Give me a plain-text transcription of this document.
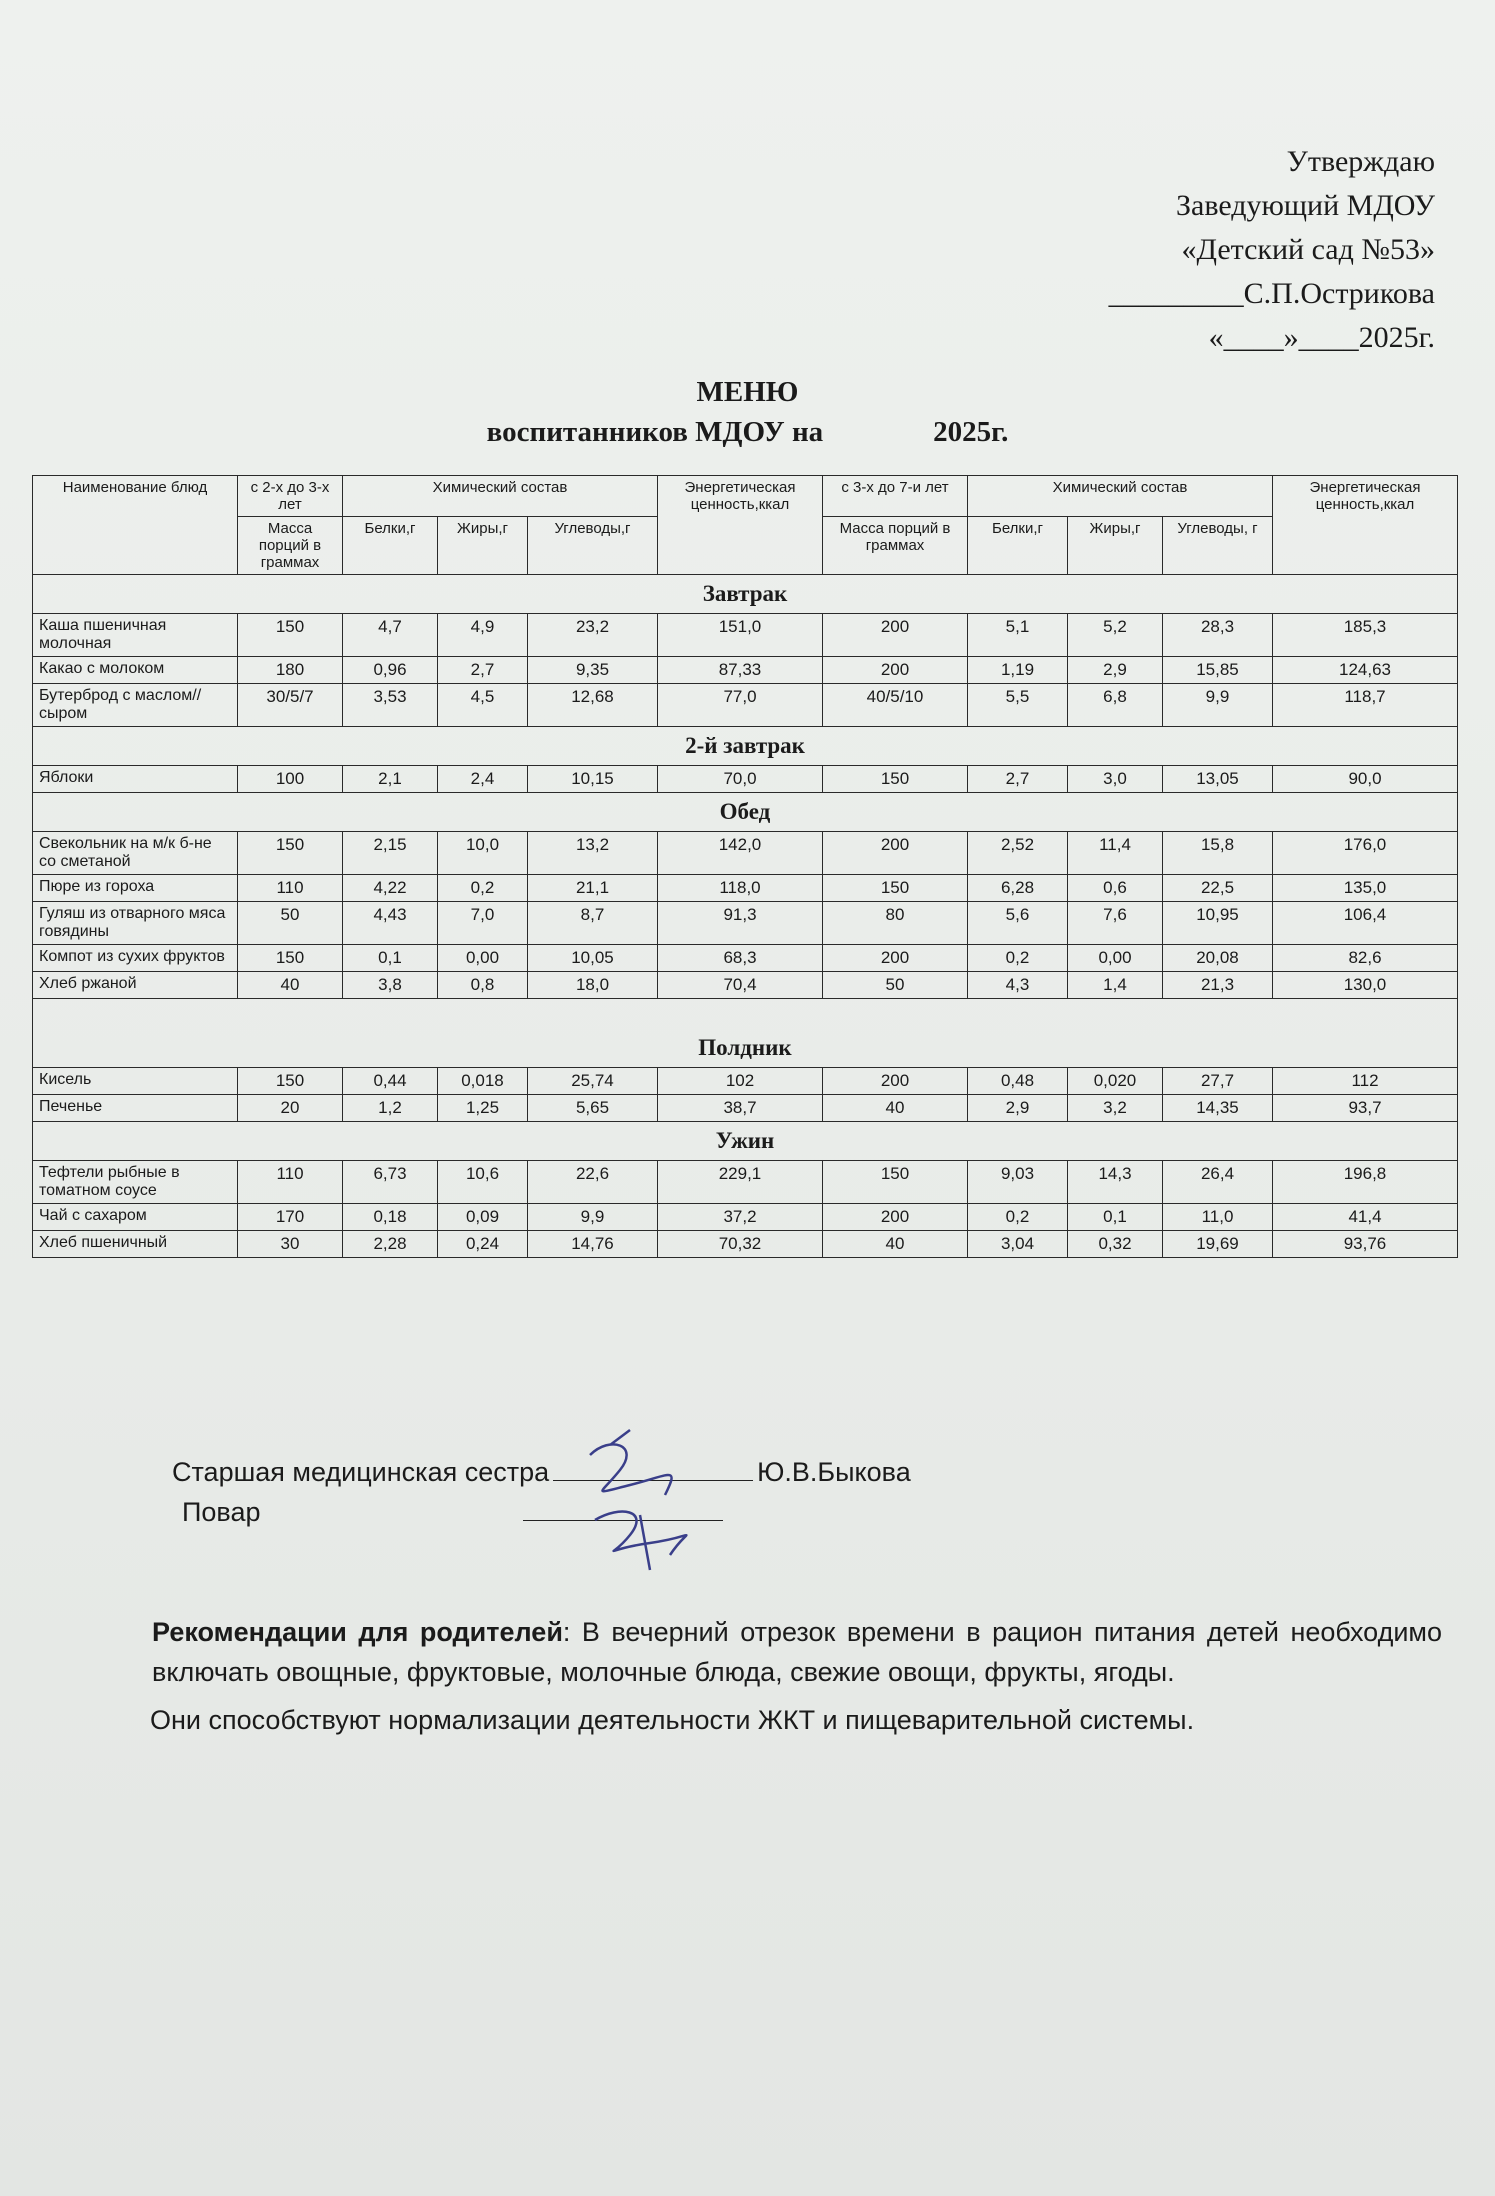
Утверждаю
Заведующий МДОУ
«Детский сад №53»
_________С.П.Острикова
«____»____2025г.
МЕНЮ
воспитанников МДОУ на	2025г.
Наименование блюд	с 2-х до 3-х лет	Химический состав			Энергетическая ценность,ккал	с 3-х до 7-и лет	Химический состав			Энергетическая ценность,ккал
	Масса порций в граммах	Белки,г	Жиры,г	Углеводы,г		Масса порций в граммах	Белки,г	Жиры,г	Углеводы, г	
Завтрак										
Каша пшеничная молочная	150	4,7	4,9	23,2	151,0	200	5,1	5,2	28,3	185,3
Какао с молоком	180	0,96	2,7	9,35	87,33	200	1,19	2,9	15,85	124,63
Бутерброд с маслом//сыром	30/5/7	3,53	4,5	12,68	77,0	40/5/10	5,5	6,8	9,9	118,7
2-й завтрак										
Яблоки	100	2,1	2,4	10,15	70,0	150	2,7	3,0	13,05	90,0
Обед										
Свекольник на м/к б-не со сметаной	150	2,15	10,0	13,2	142,0	200	2,52	11,4	15,8	176,0
Пюре из гороха	110	4,22	0,2	21,1	118,0	150	6,28	0,6	22,5	135,0
Гуляш из отварного мяса говядины	50	4,43	7,0	8,7	91,3	80	5,6	7,6	10,95	106,4
Компот из сухих фруктов	150	0,1	0,00	10,05	68,3	200	0,2	0,00	20,08	82,6
Хлеб ржаной	40	3,8	0,8	18,0	70,4	50	4,3	1,4	21,3	130,0
Полдник										
Кисель	150	0,44	0,018	25,74	102	200	0,48	0,020	27,7	112
Печенье	20	1,2	1,25	5,65	38,7	40	2,9	3,2	14,35	93,7
Ужин										
Тефтели рыбные в томатном соусе	110	6,73	10,6	22,6	229,1	150	9,03	14,3	26,4	196,8
Чай с сахаром	170	0,18	0,09	9,9	37,2	200	0,2	0,1	11,0	41,4
Хлеб пшеничный	30	2,28	0,24	14,76	70,32	40	3,04	0,32	19,69	93,76
Старшая медицинская сестра	Ю.В.Быкова
Повар

Рекомендации для родителей: В вечерний отрезок времени в рацион питания детей необходимо включать овощные, фруктовые, молочные блюда, свежие овощи, фрукты, ягоды.

Они способствуют нормализации деятельности ЖКТ и пищеварительной системы.
